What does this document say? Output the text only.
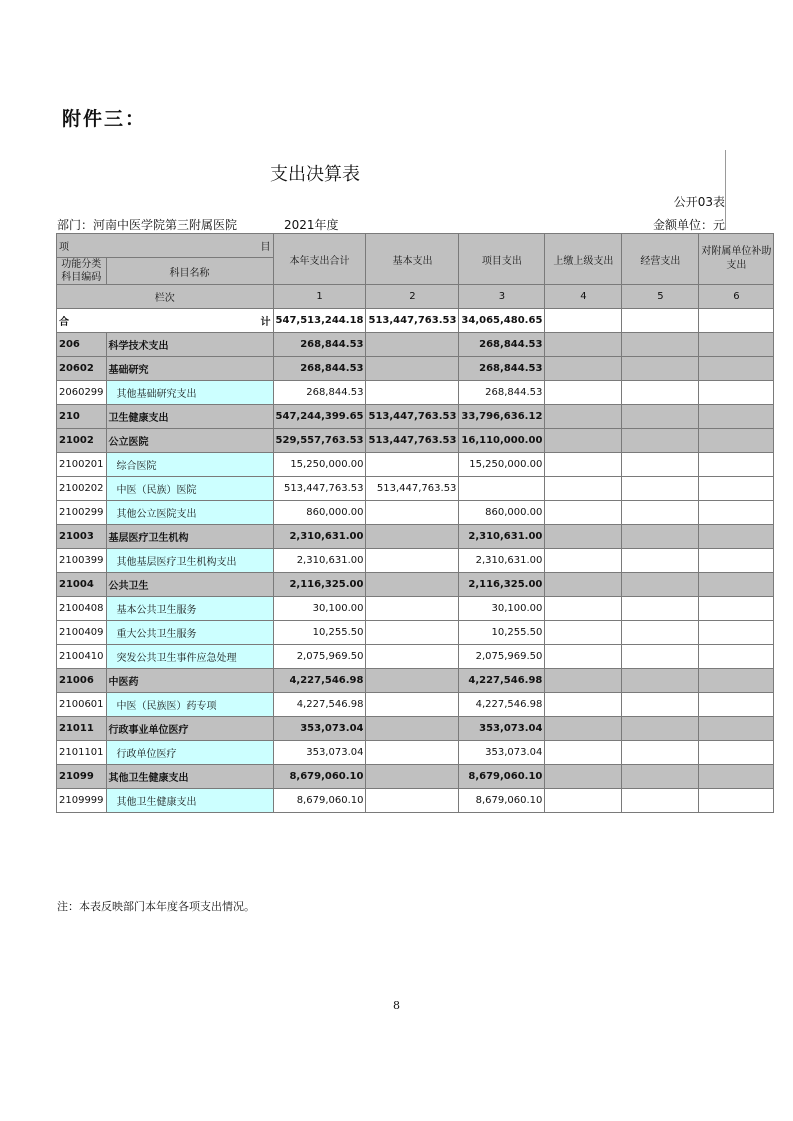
附件三：
支出决算表
公开03表
部门：河南中医学院第三附属医院	2021年度	金额单位：元
项 目		本年支出合计	基本支出	项目支出	上缴上级支出	经营支出	对附属单位补助支出
功能分类科目编码	科目名称						
栏次		1	2	3	4	5	6

合 计		547,513,244.18	513,447,763.53	34,065,480.65			
206	科学技术支出	268,844.53		268,844.53			
20602	基础研究	268,844.53		268,844.53			
2060299	其他基础研究支出	268,844.53		268,844.53			
210	卫生健康支出	547,244,399.65	513,447,763.53	33,796,636.12			
21002	公立医院	529,557,763.53	513,447,763.53	16,110,000.00			
2100201	综合医院	15,250,000.00		15,250,000.00			
2100202	中医（民族）医院	513,447,763.53	513,447,763.53				
2100299	其他公立医院支出	860,000.00		860,000.00			
21003	基层医疗卫生机构	2,310,631.00		2,310,631.00			
2100399	其他基层医疗卫生机构支出	2,310,631.00		2,310,631.00			
21004	公共卫生	2,116,325.00		2,116,325.00			
2100408	基本公共卫生服务	30,100.00		30,100.00			
2100409	重大公共卫生服务	10,255.50		10,255.50			
2100410	突发公共卫生事件应急处理	2,075,969.50		2,075,969.50			
21006	中医药	4,227,546.98		4,227,546.98			
2100601	中医（民族医）药专项	4,227,546.98		4,227,546.98			
21011	行政事业单位医疗	353,073.04		353,073.04			
2101101	行政单位医疗	353,073.04		353,073.04			
21099	其他卫生健康支出	8,679,060.10		8,679,060.10			
2109999	其他卫生健康支出	8,679,060.10		8,679,060.10			
注：本表反映部门本年度各项支出情况。
8
